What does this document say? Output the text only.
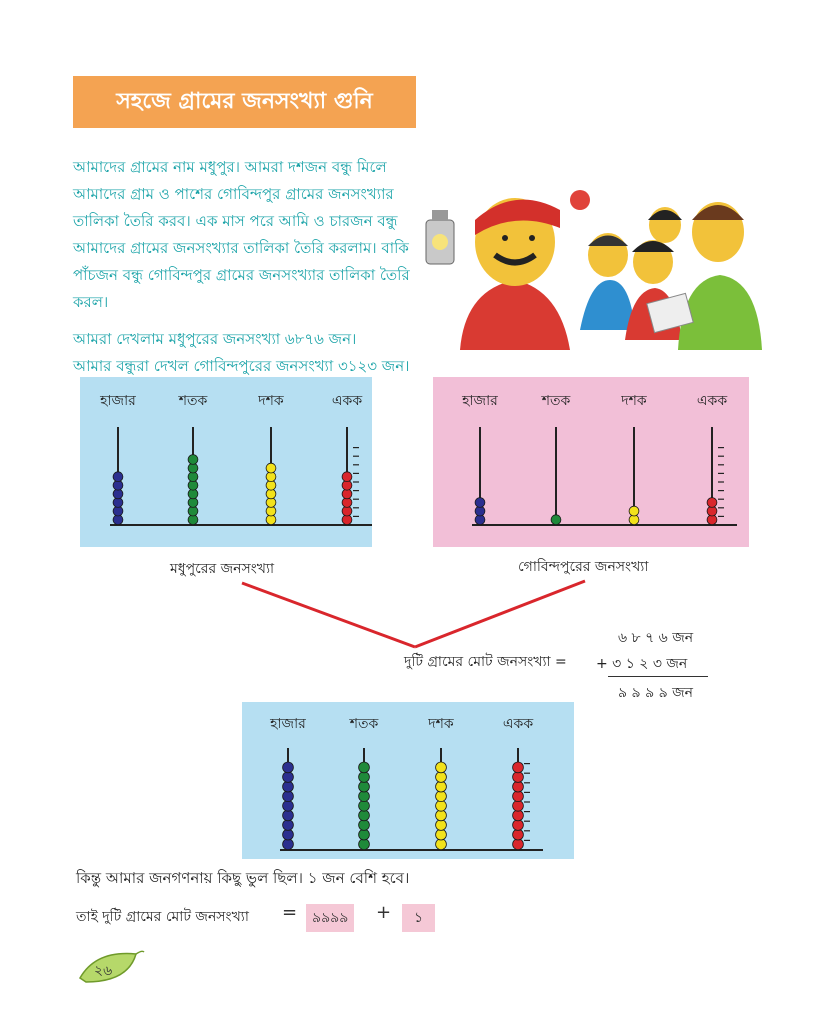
সহজে গ্রামের জনসংখ্যা গুনি

আমাদের গ্রামের নাম মধুপুর। আমরা দশজন বন্ধু মিলে
আমাদের গ্রাম ও পাশের গোবিন্দপুর গ্রামের জনসংখ্যার
তালিকা তৈরি করব। এক মাস পরে আমি ও চারজন বন্ধু
আমাদের গ্রামের জনসংখ্যার তালিকা তৈরি করলাম। বাকি
পাঁচজন বন্ধু গোবিন্দপুর গ্রামের জনসংখ্যার তালিকা তৈরি
করল।

আমরা দেখলাম মধুপুরের জনসংখ্যা ৬৮৭৬ জন।
আমার বন্ধুরা দেখল গোবিন্দপুরের জনসংখ্যা ৩১২৩ জন।

হাজার	শতক	দশক	একক
মধুপুরের জনসংখ্যা
হাজার	শতক	দশক	একক
গোবিন্দপুরের জনসংখ্যা
দুটি গ্রামের মোট জনসংখ্যা =
৬ ৮ ৭ ৬ জন
+ ৩ ১ ২ ৩ জন
৯ ৯ ৯ ৯ জন
হাজার	শতক	দশক	একক
কিন্তু আমার জনগণনায় কিছু ভুল ছিল। ১ জন বেশি হবে।
তাই দুটি গ্রামের মোট জনসংখ্যা =	৯৯৯৯	+	১
২৬
